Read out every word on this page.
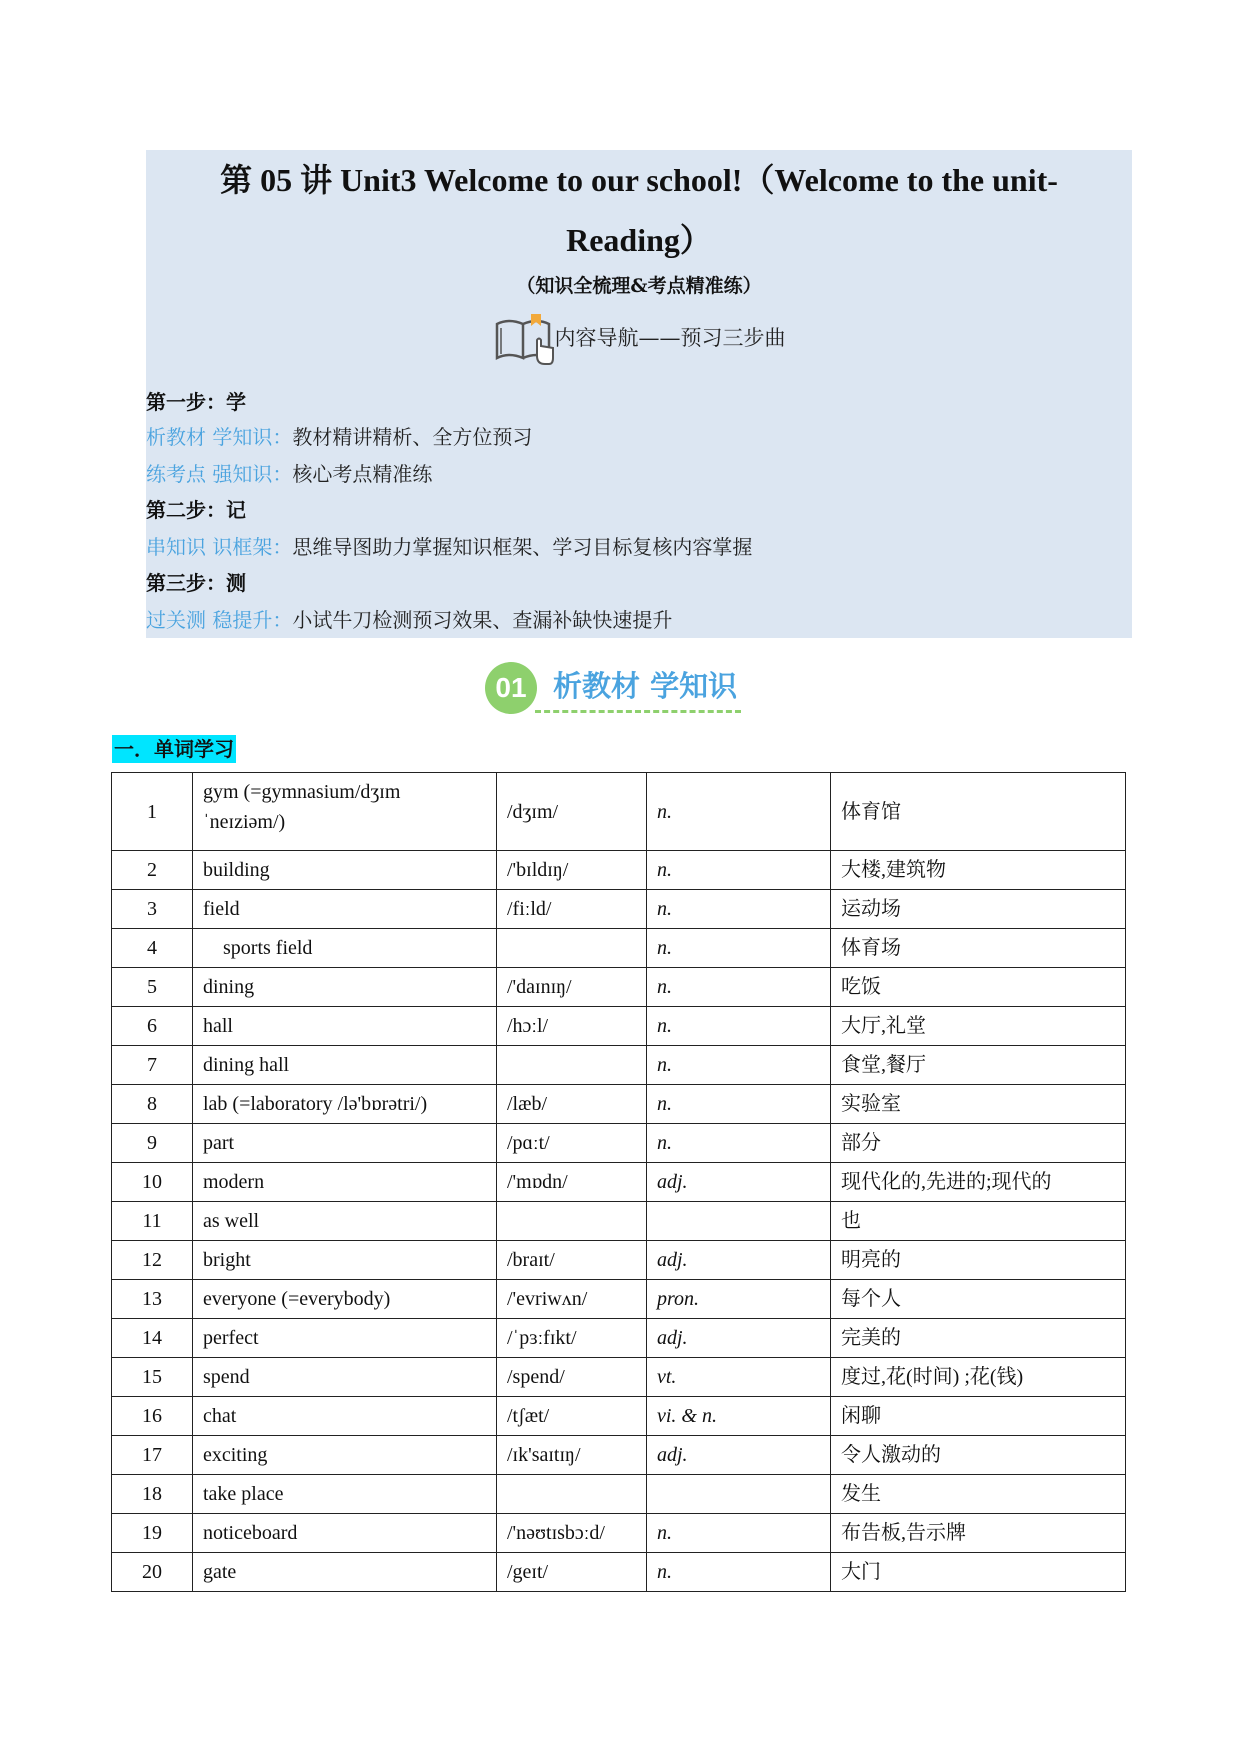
第 05 讲 Unit3 Welcome to our school!（Welcome to the unit-
Reading）
（知识全梳理&考点精准练）
内容导航——预习三步曲
第一步：学
析教材 学知识：教材精讲精析、全方位预习
练考点 强知识：核心考点精准练
第二步：记
串知识 识框架：思维导图助力掌握知识框架、学习目标复核内容掌握
第三步：测
过关测 稳提升：小试牛刀检测预习效果、查漏补缺快速提升
01 析教材 学知识
一．单词学习
1	gym (=gymnasium/dʒɪm
ˈneɪziəm/)	/dʒɪm/	n.	体育馆
2	building	/'bɪldɪŋ/	n.	大楼,建筑物
3	field	/fiːld/	n.	运动场
4	sports field		n.	体育场
5	dining	/'daɪnɪŋ/	n.	吃饭
6	hall	/hɔːl/	n.	大厅,礼堂
7	dining hall		n.	食堂,餐厅
8	lab (=laboratory /lə'bɒrətri/)	/læb/	n.	实验室
9	part	/pɑːt/	n.	部分
10	modern	/'mɒdn/	adj.	现代化的,先进的;现代的
11	as well			也
12	bright	/braɪt/	adj.	明亮的
13	everyone (=everybody)	/'evriwʌn/	pron.	每个人
14	perfect	/ˈpɜːfɪkt/	adj.	完美的
15	spend	/spend/	vt.	度过,花(时间) ;花(钱)
16	chat	/tʃæt/	vi. & n.	闲聊
17	exciting	/ɪk'saɪtɪŋ/	adj.	令人激动的
18	take place			发生
19	noticeboard	/'nəʊtɪsbɔːd/	n.	布告板,告示牌
20	gate	/geɪt/	n.	大门
